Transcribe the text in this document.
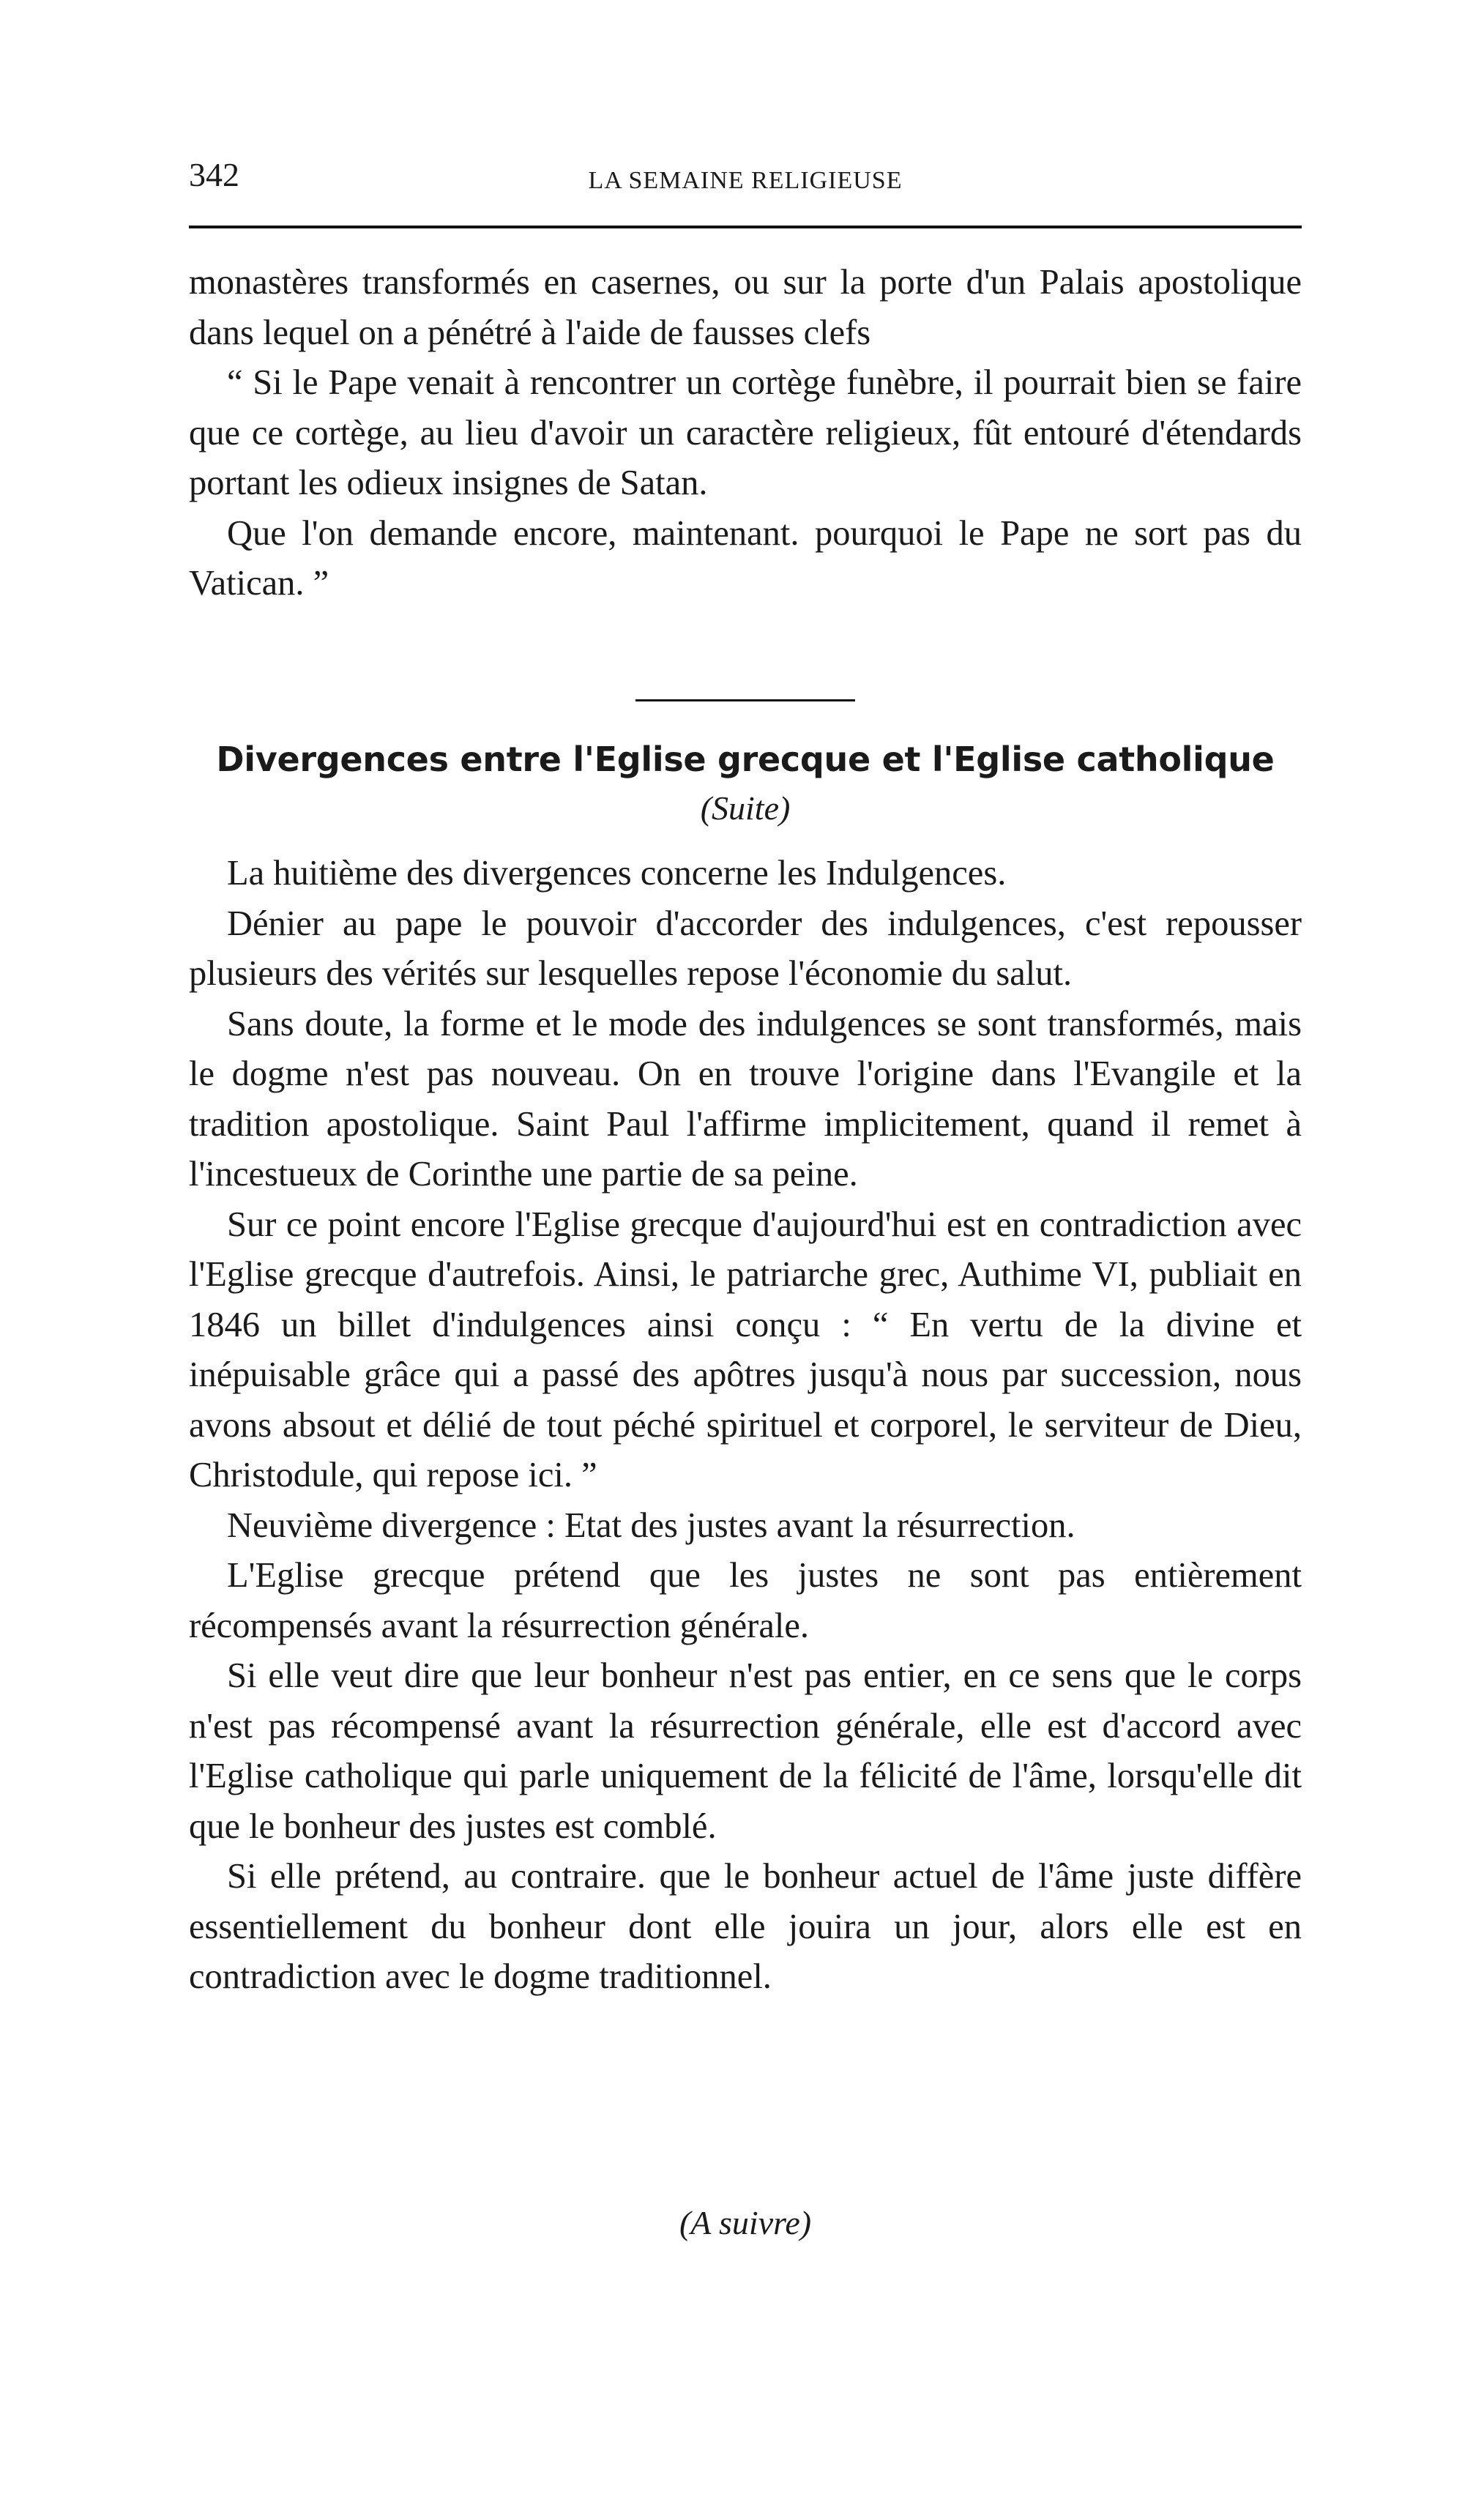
342	LA SEMAINE RELIGIEUSE

monastères transformés en casernes, ou sur la porte d'un Palais apostolique dans lequel on a pénétré à l'aide de fausses clefs

“ Si le Pape venait à rencontrer un cortège funèbre, il pourrait bien se faire que ce cortège, au lieu d'avoir un caractère religieux, fût entouré d'étendards portant les odieux insignes de Satan.

Que l'on demande encore, maintenant. pourquoi le Pape ne sort pas du Vatican. ”

Divergences entre l'Eglise grecque et l'Eglise catholique
(Suite)

La huitième des divergences concerne les Indulgences.

Dénier au pape le pouvoir d'accorder des indulgences, c'est repousser plusieurs des vérités sur lesquelles repose l'économie du salut.

Sans doute, la forme et le mode des indulgences se sont transformés, mais le dogme n'est pas nouveau. On en trouve l'origine dans l'Evangile et la tradition apostolique. Saint Paul l'affirme implicitement, quand il remet à l'incestueux de Corinthe une partie de sa peine.

Sur ce point encore l'Eglise grecque d'aujourd'hui est en contradiction avec l'Eglise grecque d'autrefois. Ainsi, le patriarche grec, Authime VI, publiait en 1846 un billet d'indulgences ainsi conçu : “ En vertu de la divine et inépuisable grâce qui a passé des apôtres jusqu'à nous par succession, nous avons absout et délié de tout péché spirituel et corporel, le serviteur de Dieu, Christodule, qui repose ici. ”

Neuvième divergence : Etat des justes avant la résurrection.

L'Eglise grecque prétend que les justes ne sont pas entièrement récompensés avant la résurrection générale.

Si elle veut dire que leur bonheur n'est pas entier, en ce sens que le corps n'est pas récompensé avant la résurrection générale, elle est d'accord avec l'Eglise catholique qui parle uniquement de la félicité de l'âme, lorsqu'elle dit que le bonheur des justes est comblé.

Si elle prétend, au contraire. que le bonheur actuel de l'âme juste diffère essentiellement du bonheur dont elle jouira un jour, alors elle est en contradiction avec le dogme traditionnel.

(A suivre)
